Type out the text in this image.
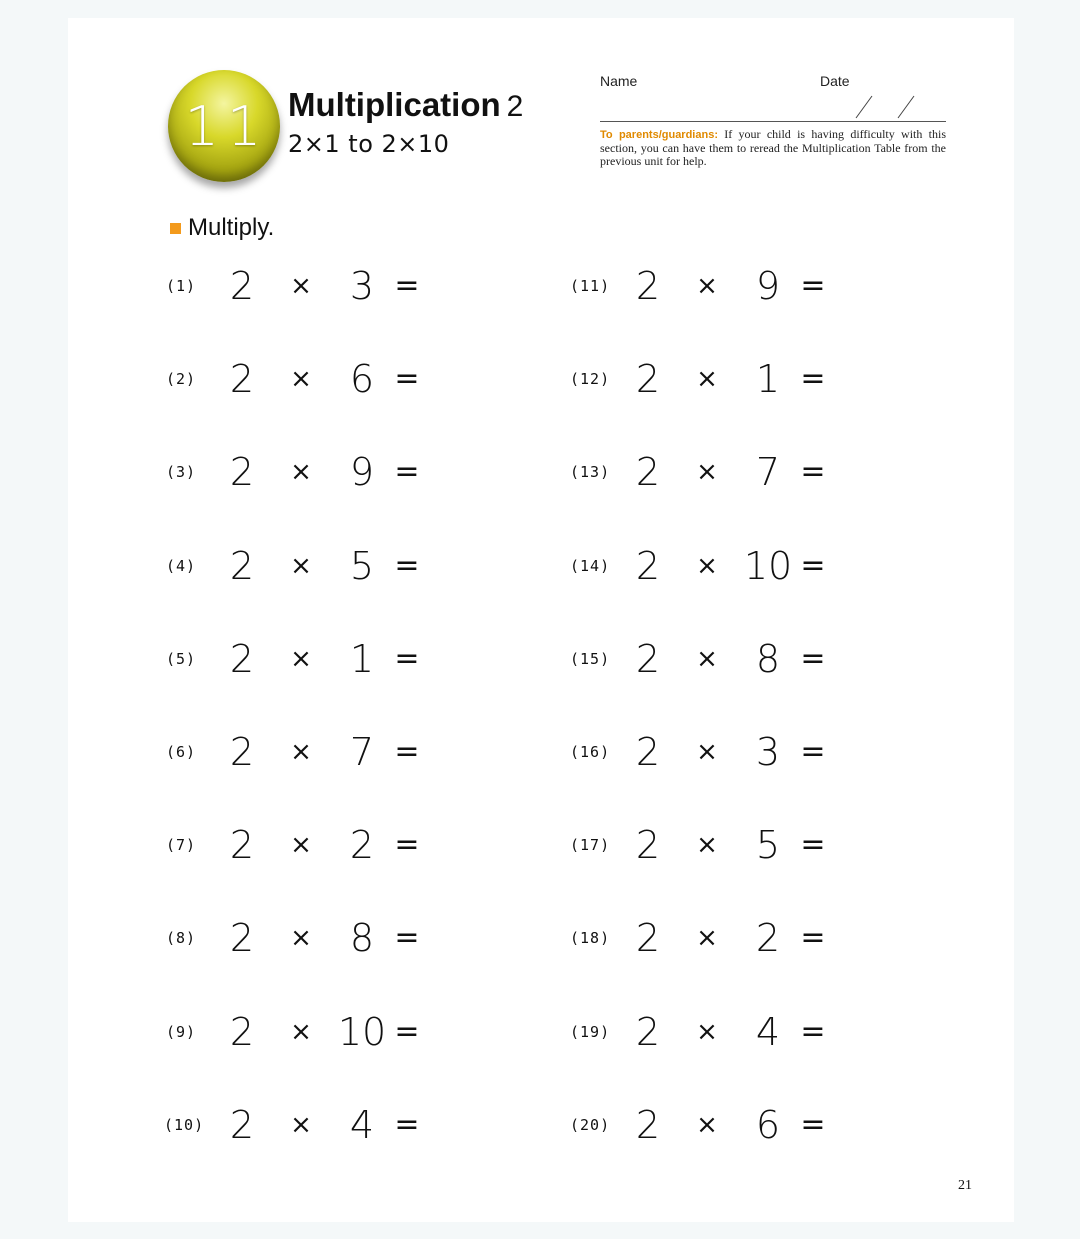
11 Multiplication 2
2×1 to 2×10
Name	Date
To parents/guardians: If your child is having difficulty with this section, you can have them to reread the Multiplication Table from the previous unit for help.
Multiply.
(1) 2	×	3 =
(2) 2	×	6 =
(3) 2	×	9 =
(4) 2	×	5 =
(5) 2	×	1 =
(6) 2	×	7 =
(7) 2	×	2 =
(8) 2	×	8 =
(9) 2	× 10 =
(10) 2	×	4 =
(11) 2	×	9 =
(12) 2	×	1 =
(13) 2	×	7 =
(14) 2	× 10 =
(15) 2	×	8 =
(16) 2	×	3 =
(17) 2	×	5 =
(18) 2	×	2 =
(19) 2	×	4 =
(20) 2	×	6 =
21
